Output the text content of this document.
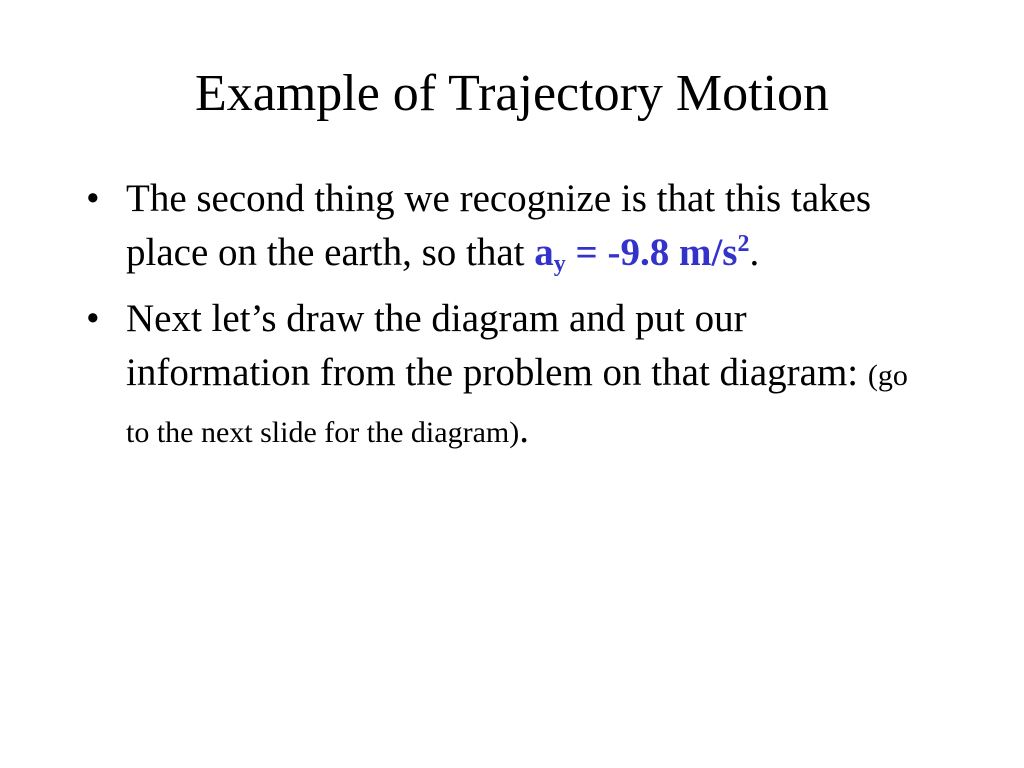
Example of Trajectory Motion
• The second thing we recognize is that this takes place on the earth, so that $a_y = -9.8$ $m/s^2$.
• Next let’s draw the diagram and put our information from the problem on that diagram: (go to the next slide for the diagram).
